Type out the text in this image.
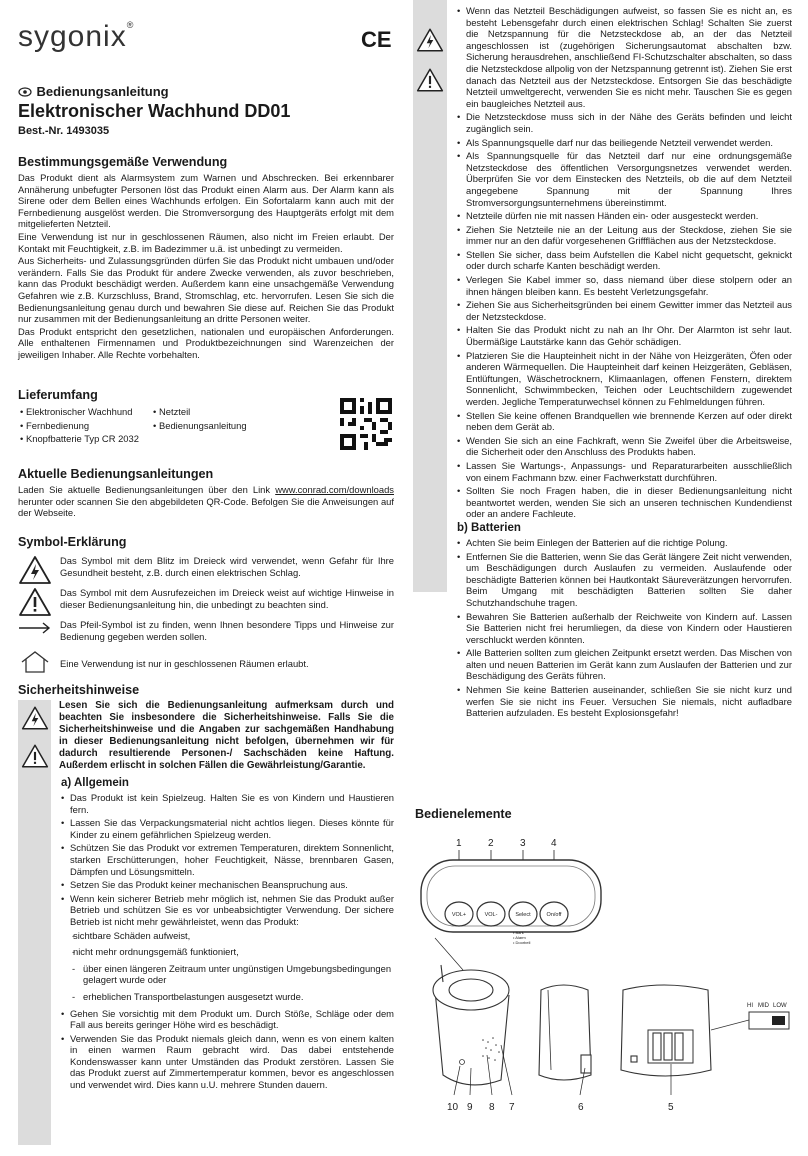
sygonix®
CE
Bedienungsanleitung
Elektronischer Wachhund DD01
Best.-Nr. 1493035
Bestimmungsgemäße Verwendung

Das Produkt dient als Alarmsystem zum Warnen und Abschrecken. Bei erkennbarer Annäherung unbefugter Personen löst das Produkt einen Alarm aus. Der Alarm kann als Sirene oder dem Bellen eines Wachhunds erfolgen. Ein Sofortalarm kann auch mit der Fernbedienung ausgelöst werden. Die Stromversorgung des Hauptgeräts erfolgt mit dem mitgelieferten Netzteil.

Eine Verwendung ist nur in geschlossenen Räumen, also nicht im Freien erlaubt. Der Kontakt mit Feuchtigkeit, z.B. im Badezimmer u.ä. ist unbedingt zu vermeiden.

Aus Sicherheits- und Zulassungsgründen dürfen Sie das Produkt nicht umbauen und/oder verändern. Falls Sie das Produkt für andere Zwecke verwenden, als zuvor beschrieben, kann das Produkt beschädigt werden. Außerdem kann eine unsachgemäße Verwendung Gefahren wie z.B. Kurzschluss, Brand, Stromschlag, etc. hervorrufen. Lesen Sie sich die Bedienungsanleitung genau durch und bewahren Sie diese auf. Reichen Sie das Produkt nur zusammen mit der Bedienungsanleitung an dritte Personen weiter.

Das Produkt entspricht den gesetzlichen, nationalen und europäischen Anforderungen. Alle enthaltenen Firmennamen und Produktbezeichnungen sind Warenzeichen der jeweiligen Inhaber. Alle Rechte vorbehalten.

Lieferumfang
• Elektronischer Wachhund
• Fernbedienung
• Knopfbatterie Typ CR 2032
• Netzteil
• Bedienungsanleitung
Aktuelle Bedienungsanleitungen

Laden Sie aktuelle Bedienungsanleitungen über den Link www.conrad.com/downloads herunter oder scannen Sie den abgebildeten QR-Code. Befolgen Sie die Anweisungen auf der Webseite.

Symbol-Erklärung
Das Symbol mit dem Blitz im Dreieck wird verwendet, wenn Gefahr für Ihre Gesundheit besteht, z.B. durch einen elektrischen Schlag.
Das Symbol mit dem Ausrufezeichen im Dreieck weist auf wichtige Hinweise in dieser Bedienungsanleitung hin, die unbedingt zu beachten sind.
Das Pfeil-Symbol ist zu finden, wenn Ihnen besondere Tipps und Hinweise zur Bedienung gegeben werden sollen.
Eine Verwendung ist nur in geschlossenen Räumen erlaubt.
Sicherheitshinweise

Lesen Sie sich die Bedienungsanleitung aufmerksam durch und beachten Sie insbesondere die Sicherheitshinweise. Falls Sie die Sicherheitshinweise und die Angaben zur sachgemäßen Handhabung in dieser Bedienungsanleitung nicht befolgen, übernehmen wir für dadurch resultierende Personen-/ Sachschäden keine Haftung. Außerdem erlischt in solchen Fällen die Gewährleistung/Garantie.

a) Allgemein
• Das Produkt ist kein Spielzeug. Halten Sie es von Kindern und Haustieren fern.
• Lassen Sie das Verpackungsmaterial nicht achtlos liegen. Dieses könnte für Kinder zu einem gefährlichen Spielzeug werden.
• Schützen Sie das Produkt vor extremen Temperaturen, direktem Sonnenlicht, starken Erschütterungen, hoher Feuchtigkeit, Nässe, brennbaren Gasen, Dämpfen und Lösungsmitteln.
• Setzen Sie das Produkt keiner mechanischen Beanspruchung aus.
• Wenn kein sicherer Betrieb mehr möglich ist, nehmen Sie das Produkt außer Betrieb und schützen Sie es vor unbeabsichtigter Verwendung. Der sichere Betrieb ist nicht mehr gewährleistet, wenn das Produkt:
- sichtbare Schäden aufweist,
- nicht mehr ordnungsgemäß funktioniert,
- über einen längeren Zeitraum unter ungünstigen Umgebungsbedingungen gelagert wurde oder
- erheblichen Transportbelastungen ausgesetzt wurde.
• Gehen Sie vorsichtig mit dem Produkt um. Durch Stöße, Schläge oder dem Fall aus bereits geringer Höhe wird es beschädigt.
• Verwenden Sie das Produkt niemals gleich dann, wenn es von einem kalten in einen warmen Raum gebracht wird. Das dabei entstehende Kondenswasser kann unter Umständen das Produkt zerstören. Lassen Sie das Produkt zuerst auf Zimmertemperatur kommen, bevor es angeschlossen und verwendet wird. Dies kann u.U. mehrere Stunden dauern.
• Wenn das Netzteil Beschädigungen aufweist, so fassen Sie es nicht an, es besteht Lebensgefahr durch einen elektrischen Schlag! Schalten Sie zuerst die Netzspannung für die Netzsteckdose ab, an der das Netzteil angeschlossen ist (zugehörigen Sicherungsautomat abschalten bzw. Sicherung herausdrehen, anschließend FI-Schutzschalter abschalten, so dass die Netzsteckdose allpolig von der Netzspannung getrennt ist). Ziehen Sie erst danach das Netzteil aus der Netzsteckdose. Entsorgen Sie das beschädigte Netzteil umweltgerecht, verwenden Sie es nicht mehr. Tauschen Sie es gegen ein baugleiches Netzteil aus.
• Die Netzsteckdose muss sich in der Nähe des Geräts befinden und leicht zugänglich sein.
• Als Spannungsquelle darf nur das beiliegende Netzteil verwendet werden.
• Als Spannungsquelle für das Netzteil darf nur eine ordnungsgemäße Netzsteckdose des öffentlichen Versorgungsnetzes verwendet werden. Überprüfen Sie vor dem Einstecken des Netzteils, ob die auf dem Netzteil angegebene Spannung mit der Spannung Ihres Stromversorgungsunternehmens übereinstimmt.
• Netzteile dürfen nie mit nassen Händen ein- oder ausgesteckt werden.
• Ziehen Sie Netzteile nie an der Leitung aus der Steckdose, ziehen Sie sie immer nur an den dafür vorgesehenen Griffflächen aus der Netzsteckdose.
• Stellen Sie sicher, dass beim Aufstellen die Kabel nicht gequetscht, geknickt oder durch scharfe Kanten beschädigt werden.
• Verlegen Sie Kabel immer so, dass niemand über diese stolpern oder an ihnen hängen bleiben kann. Es besteht Verletzungsgefahr.
• Ziehen Sie aus Sicherheitsgründen bei einem Gewitter immer das Netzteil aus der Netzsteckdose.
• Halten Sie das Produkt nicht zu nah an Ihr Ohr. Der Alarmton ist sehr laut. Übermäßige Lautstärke kann das Gehör schädigen.
• Platzieren Sie die Haupteinheit nicht in der Nähe von Heizgeräten, Öfen oder anderen Wärmequellen. Die Haupteinheit darf keinen Heizgeräten, Gebläsen, Entlüftungen, Wäschetrocknern, Klimaanlagen, offenen Fenstern, direktem Sonnenlicht, Schwimmbecken, Teichen oder Leuchtschildern zugewendet werden. Jegliche Temperaturwechsel können zu Fehlmeldungen führen.
• Stellen Sie keine offenen Brandquellen wie brennende Kerzen auf oder direkt neben dem Gerät ab.
• Wenden Sie sich an eine Fachkraft, wenn Sie Zweifel über die Arbeitsweise, die Sicherheit oder den Anschluss des Produkts haben.
• Lassen Sie Wartungs-, Anpassungs- und Reparaturarbeiten ausschließlich von einem Fachmann bzw. einer Fachwerkstatt durchführen.
• Sollten Sie noch Fragen haben, die in dieser Bedienungsanleitung nicht beantwortet werden, wenden Sie sich an unseren technischen Kundendienst oder an andere Fachleute.
b) Batterien
• Achten Sie beim Einlegen der Batterien auf die richtige Polung.
• Entfernen Sie die Batterien, wenn Sie das Gerät längere Zeit nicht verwenden, um Beschädigungen durch Auslaufen zu vermeiden. Auslaufende oder beschädigte Batterien können bei Hautkontakt Säureverätzungen hervorrufen. Beim Umgang mit beschädigten Batterien sollten Sie daher Schutzhandschuhe tragen.
• Bewahren Sie Batterien außerhalb der Reichweite von Kindern auf. Lassen Sie Batterien nicht frei herumliegen, da diese von Kindern oder Haustieren verschluckt werden könnten.
• Alle Batterien sollten zum gleichen Zeitpunkt ersetzt werden. Das Mischen von alten und neuen Batterien im Gerät kann zum Auslaufen der Batterien und zur Beschädigung des Geräts führen.
• Nehmen Sie keine Batterien auseinander, schließen Sie sie nicht kurz und werfen Sie sie nicht ins Feuer. Versuchen Sie niemals, nicht aufladbare Batterien aufzuladen. Es besteht Explosionsgefahr!
Bedienelemente
1	2	3	4
VOL+	VOL-	Select	On/off
• Bark
• Alarm
• Doorbell
HI MID LOW
10 9 8 7	6	5
